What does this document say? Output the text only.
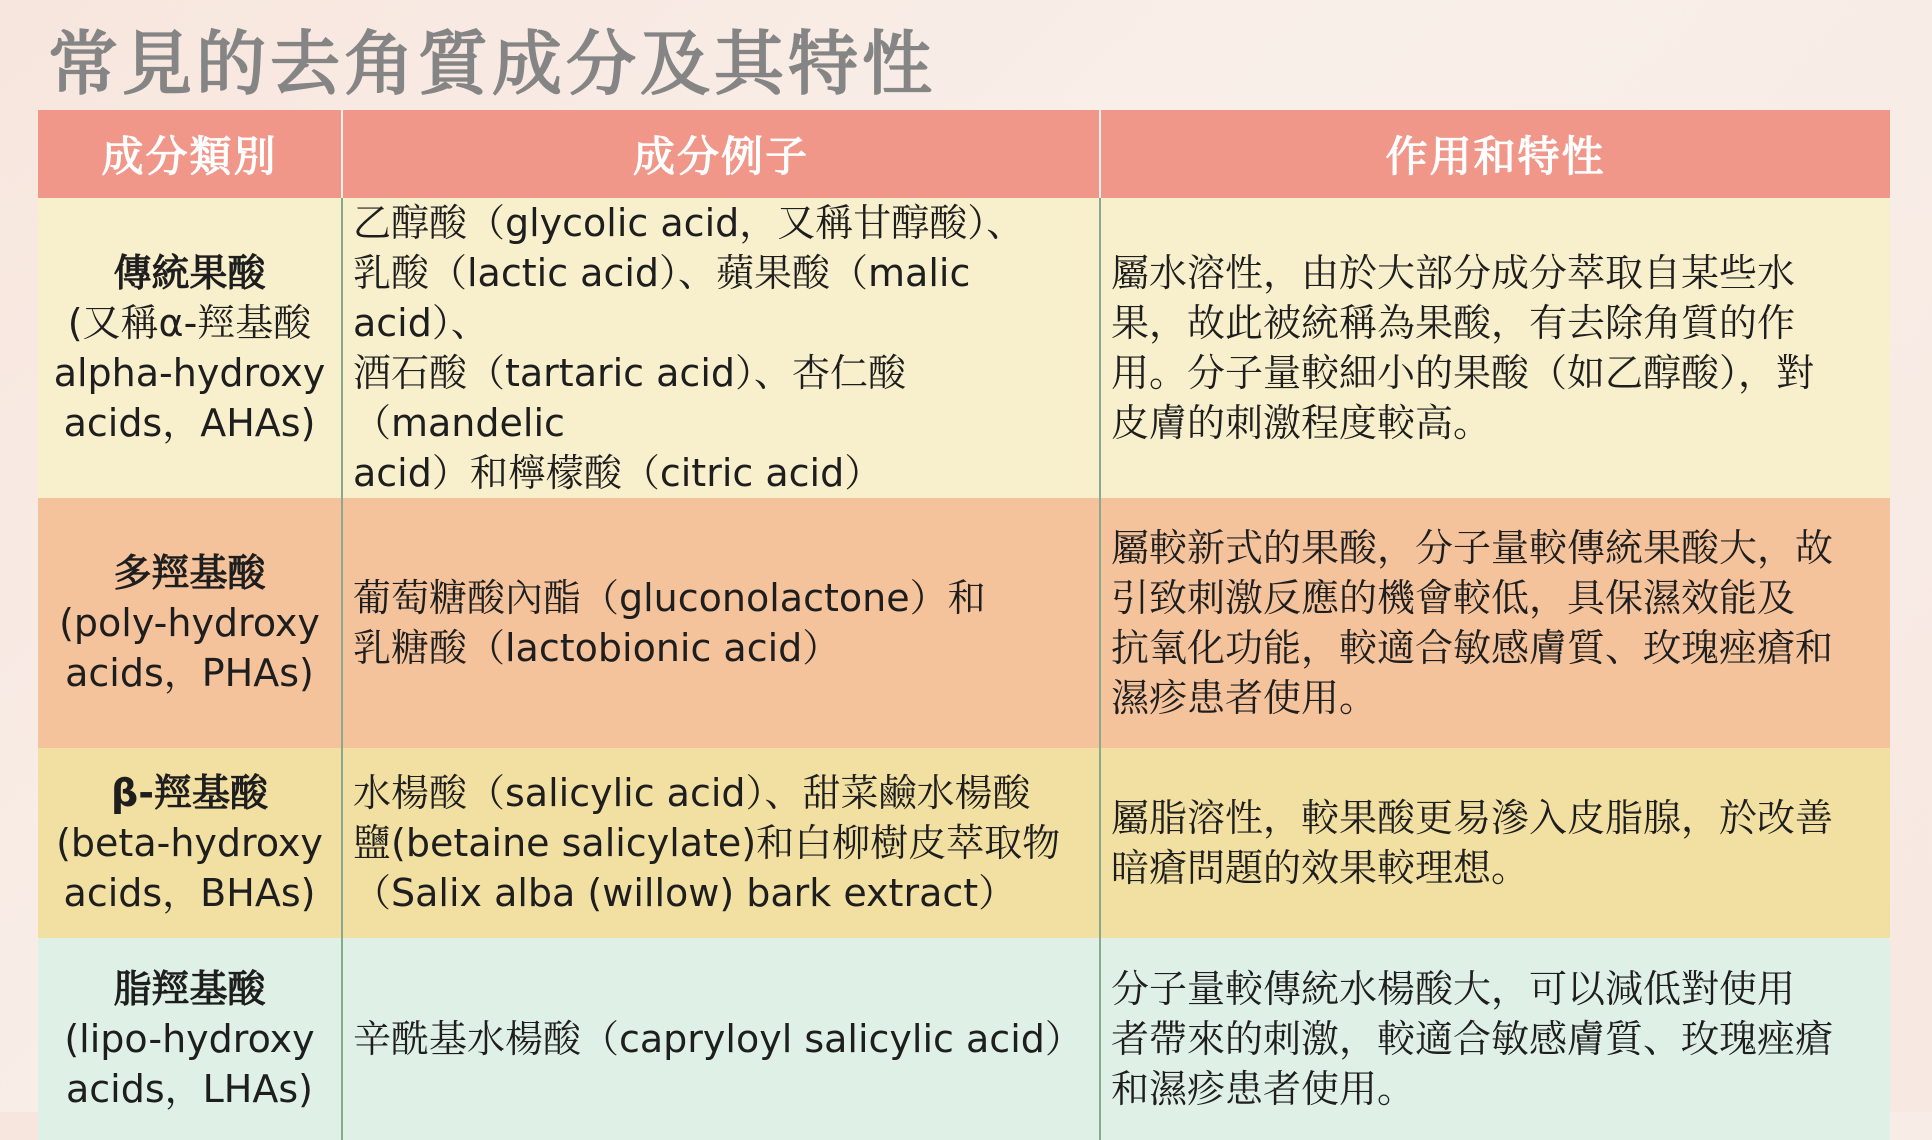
常見的去角質成分及其特性
成分類別	成分例子	作用和特性

傳統果酸
(又稱α-羥基酸
alpha-hydroxy
acids，AHAs)	乙醇酸（glycolic acid，又稱甘醇酸）、
乳酸（lactic acid）、蘋果酸（malic acid）、
酒石酸（tartaric acid）、杏仁酸（mandelic
acid）和檸檬酸（citric acid）	屬水溶性，由於大部分成分萃取自某些水
果，故此被統稱為果酸，有去除角質的作
用。分子量較細小的果酸（如乙醇酸），對
皮膚的刺激程度較高。

多羥基酸
(poly-hydroxy
acids，PHAs)	葡萄糖酸內酯（gluconolactone）和
乳糖酸（lactobionic acid）	屬較新式的果酸，分子量較傳統果酸大，故
引致刺激反應的機會較低，具保濕效能及
抗氧化功能，較適合敏感膚質、玫瑰痤瘡和
濕疹患者使用。

β-羥基酸
(beta-hydroxy
acids，BHAs)	水楊酸（salicylic acid）、甜菜鹼水楊酸
鹽(betaine salicylate)和白柳樹皮萃取物
（Salix alba (willow) bark extract）	屬脂溶性，較果酸更易滲入皮脂腺，於改善
暗瘡問題的效果較理想。

脂羥基酸
(lipo-hydroxy
acids，LHAs)	辛酰基水楊酸（capryloyl salicylic acid）	分子量較傳統水楊酸大，可以減低對使用
者帶來的刺激，較適合敏感膚質、玫瑰痤瘡
和濕疹患者使用。
